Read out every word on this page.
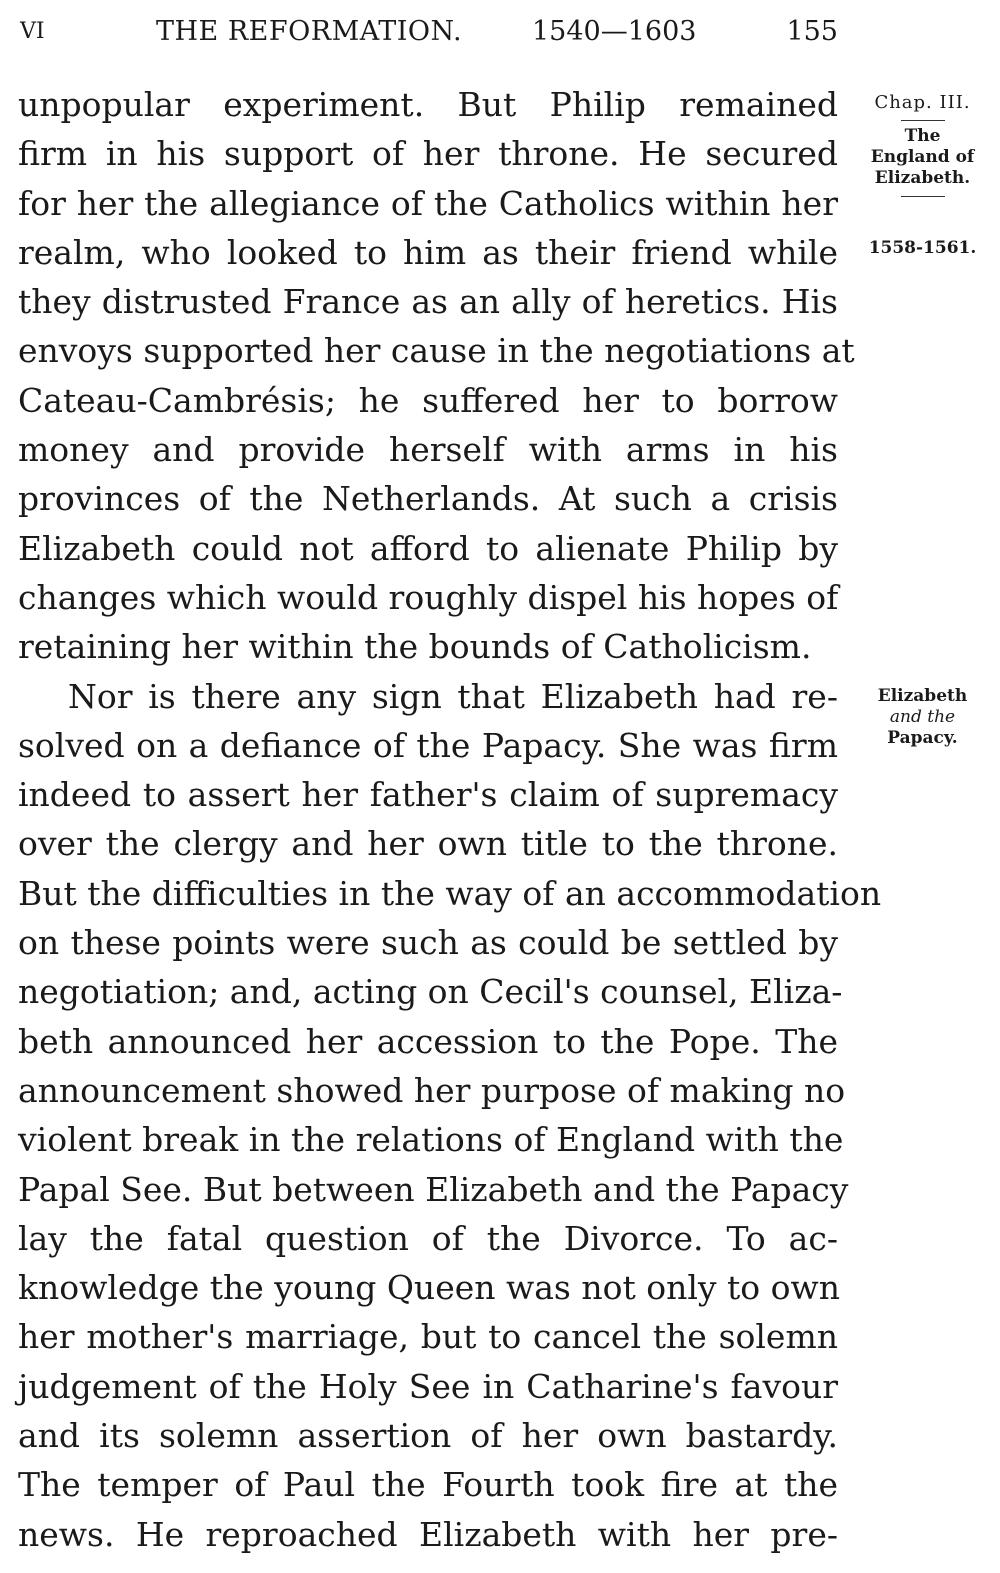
VI	THE REFORMATION.	1540—1603	155
unpopular experiment. But Philip remained
firm in his support of her throne. He secured
for her the allegiance of the Catholics within her
realm, who looked to him as their friend while
they distrusted France as an ally of heretics. His
envoys supported her cause in the negotiations at
Cateau-Cambrésis; he suffered her to borrow
money and provide herself with arms in his
provinces of the Netherlands. At such a crisis
Elizabeth could not afford to alienate Philip by
changes which would roughly dispel his hopes of
retaining her within the bounds of Catholicism.
Nor is there any sign that Elizabeth had re-
solved on a defiance of the Papacy. She was firm
indeed to assert her father's claim of supremacy
over the clergy and her own title to the throne.
But the difficulties in the way of an accommodation
on these points were such as could be settled by
negotiation; and, acting on Cecil's counsel, Eliza-
beth announced her accession to the Pope. The
announcement showed her purpose of making no
violent break in the relations of England with the
Papal See. But between Elizabeth and the Papacy
lay the fatal question of the Divorce. To ac-
knowledge the young Queen was not only to own
her mother's marriage, but to cancel the solemn
judgement of the Holy See in Catharine's favour
and its solemn assertion of her own bastardy.
The temper of Paul the Fourth took fire at the
news. He reproached Elizabeth with her pre-
Chap. III.
The
England of
Elizabeth.
1558-1561.
Elizabeth
and the
Papacy.
